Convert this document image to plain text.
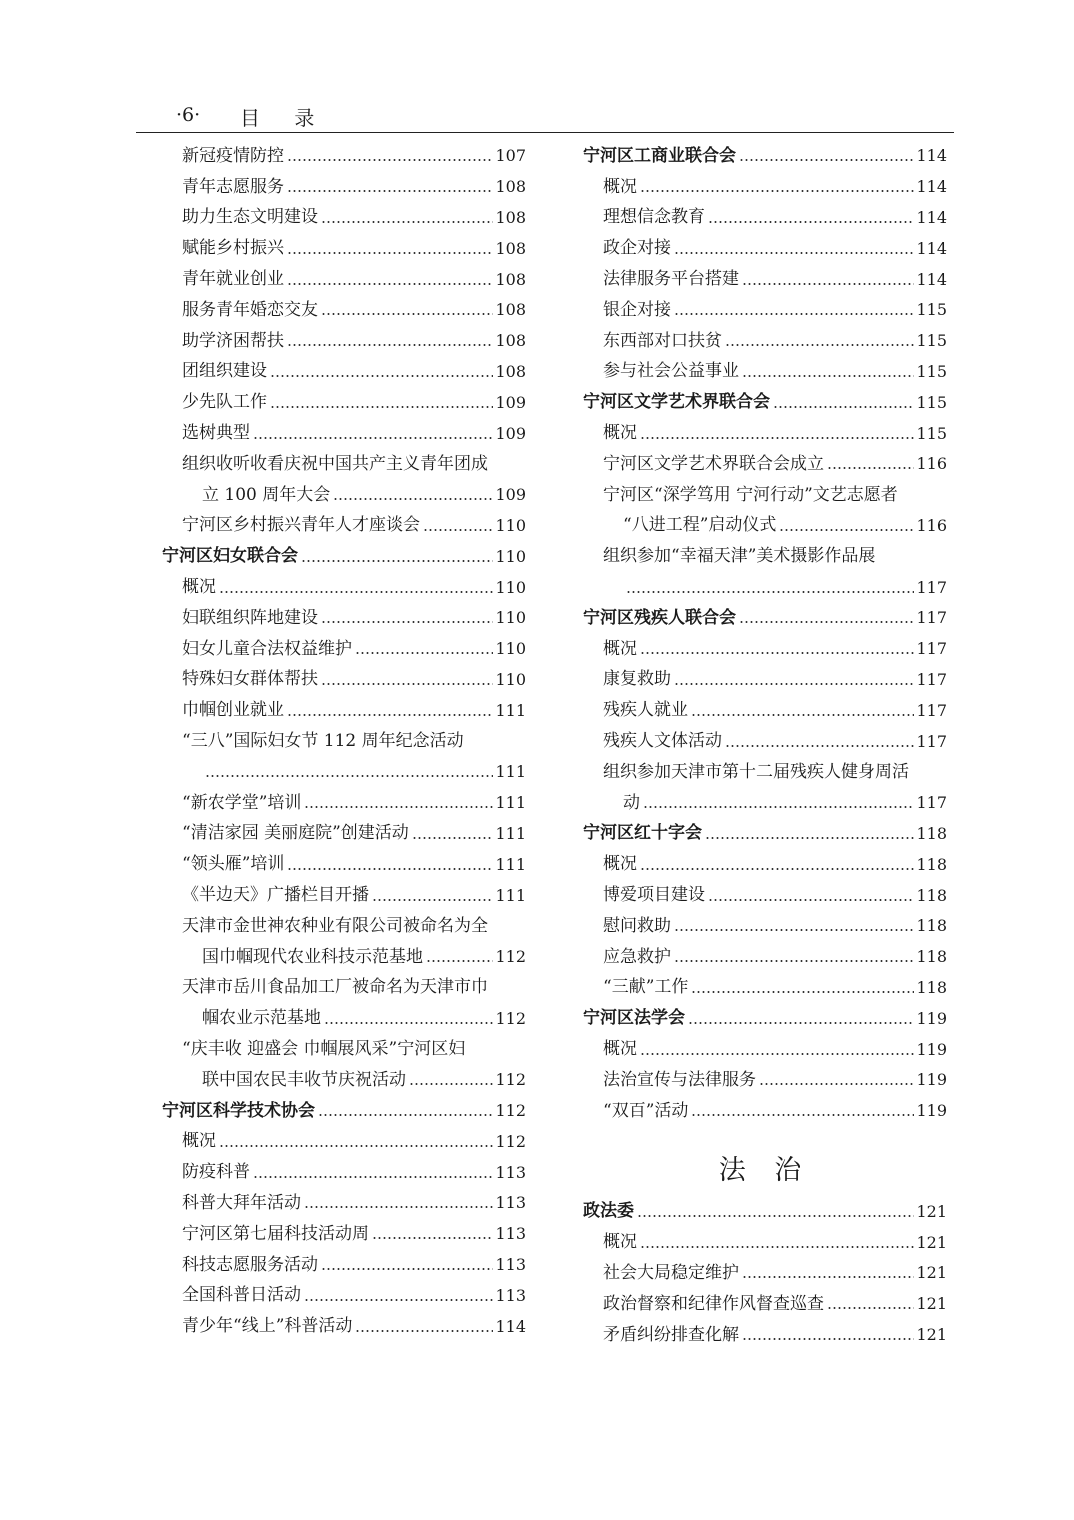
·6· 目 录
新冠疫情防控	107
青年志愿服务	108
助力生态文明建设	108
赋能乡村振兴	108
青年就业创业	108
服务青年婚恋交友	108
助学济困帮扶	108
团组织建设	108
少先队工作	109
选树典型	109
组织收听收看庆祝中国共产主义青年团成
立 100 周年大会	109
宁河区乡村振兴青年人才座谈会	110
宁河区妇女联合会	110
概况	110
妇联组织阵地建设	110
妇女儿童合法权益维护	110
特殊妇女群体帮扶	110
巾帼创业就业	111
“三八”国际妇女节 112 周年纪念活动
111
“新农学堂”培训	111
“清洁家园 美丽庭院”创建活动	111
“领头雁”培训	111
《半边天》广播栏目开播	111
天津市金世神农种业有限公司被命名为全
国巾帼现代农业科技示范基地	112
天津市岳川食品加工厂被命名为天津市巾
帼农业示范基地	112
“庆丰收 迎盛会 巾帼展风采”宁河区妇
联中国农民丰收节庆祝活动	112
宁河区科学技术协会	112
概况	112
防疫科普	113
科普大拜年活动	113
宁河区第七届科技活动周	113
科技志愿服务活动	113
全国科普日活动	113
青少年“线上”科普活动	114
宁河区工商业联合会	114
概况	114
理想信念教育	114
政企对接	114
法律服务平台搭建	114
银企对接	115
东西部对口扶贫	115
参与社会公益事业	115
宁河区文学艺术界联合会	115
概况	115
宁河区文学艺术界联合会成立	116
宁河区“深学笃用 宁河行动”文艺志愿者
“八进工程”启动仪式	116
组织参加“幸福天津”美术摄影作品展
117
宁河区残疾人联合会	117
概况	117
康复救助	117
残疾人就业	117
残疾人文体活动	117
组织参加天津市第十二届残疾人健身周活
动	117
宁河区红十字会	118
概况	118
博爱项目建设	118
慰问救助	118
应急救护	118
“三献”工作	118
宁河区法学会	119
概况	119
法治宣传与法律服务	119
“双百”活动	119
法 治
政法委	121
概况	121
社会大局稳定维护	121
政治督察和纪律作风督查巡查	121
矛盾纠纷排查化解	121
